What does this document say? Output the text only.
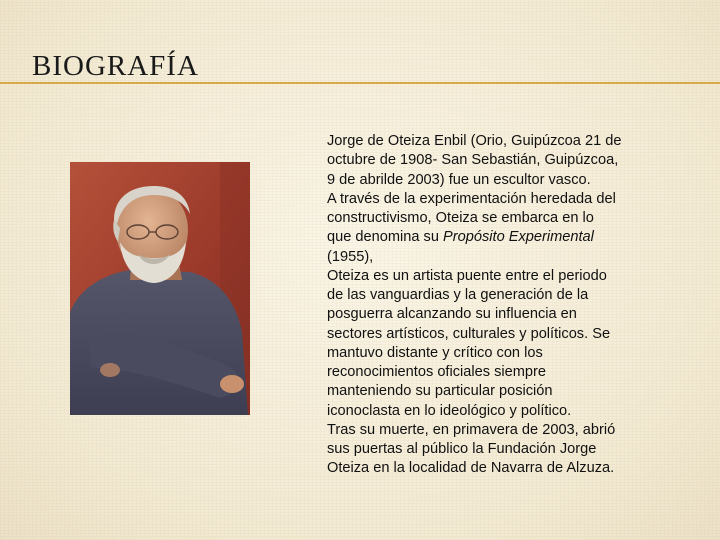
BIOGRAFÍA

Jorge de Oteiza Enbil (Orio, Guipúzcoa 21 de
octubre de 1908- San Sebastián, Guipúzcoa,
9 de abrilde 2003) fue un escultor vasco.
A través de la experimentación heredada del
constructivismo, Oteiza se embarca en lo
que denomina su Propósito Experimental
(1955),
Oteiza es un artista puente entre el periodo
de las vanguardias y la generación de la
posguerra alcanzando su influencia en
sectores artísticos, culturales y políticos. Se
mantuvo distante y crítico con los
reconocimientos oficiales siempre
manteniendo su particular posición
iconoclasta en lo ideológico y político.
Tras su muerte, en primavera de 2003, abrió
sus puertas al público la Fundación Jorge
Oteiza en la localidad de Navarra de Alzuza.
